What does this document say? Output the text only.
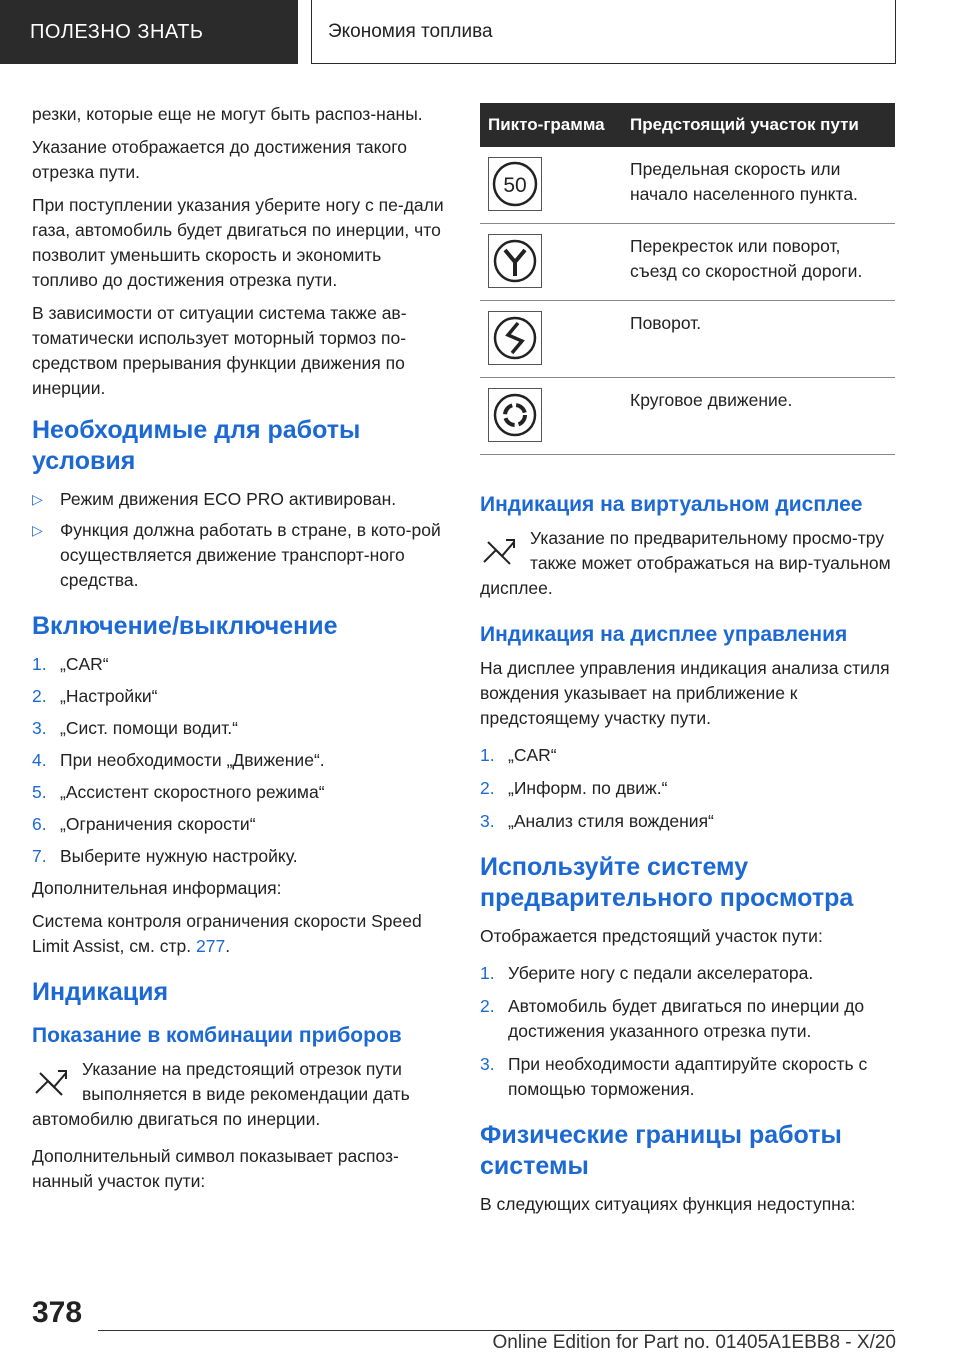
ПОЛЕЗНО ЗНАТЬ	Экономия топлива

резки, которые еще не могут быть распоз-наны.

Указание отображается до достижения такого отрезка пути.

При поступлении указания уберите ногу с пе-дали газа, автомобиль будет двигаться по инерции, что позволит уменьшить скорость и экономить топливо до достижения отрезка пути.

В зависимости от ситуации система также ав-томатически использует моторный тормоз по-средством прерывания функции движения по инерции.

Необходимые для работы условия
▷ Режим движения ECO PRO активирован.
▷ Функция должна работать в стране, в кото-рой осуществляется движение транспорт-ного средства.
Включение/выключение
1. „CAR“
2. „Настройки“
3. „Сист. помощи водит.“
4. При необходимости „Движение“.
5. „Ассистент скоростного режима“
6. „Ограничения скорости“
7. Выберите нужную настройку.

Дополнительная информация:

Система контроля ограничения скорости Speed Limit Assist, см. стр. 277.

Индикация
Показание в комбинации приборов
Указание на предстоящий отрезок пути выполняется в виде рекомендации дать автомобилю двигаться по инерции.

Дополнительный символ показывает распоз-нанный участок пути:

Пикто-грамма	Предстоящий участок пути

50	Предельная скорость или начало населенного пункта.

	Перекресток или поворот, съезд со скоростной дороги.

	Поворот.

	Круговое движение.
Индикация на виртуальном дисплее
Указание по предварительному просмо-тру также может отображаться на вир-туальном дисплее.
Индикация на дисплее управления

На дисплее управления индикация анализа стиля вождения указывает на приближение к предстоящему участку пути.

1. „CAR“
2. „Информ. по движ.“
3. „Анализ стиля вождения“
Используйте систему предварительного просмотра

Отображается предстоящий участок пути:

1. Уберите ногу с педали акселератора.
2. Автомобиль будет двигаться по инерции до достижения указанного отрезка пути.
3. При необходимости адаптируйте скорость с помощью торможения.
Физические границы работы системы

В следующих ситуациях функция недоступна:

378
Online Edition for Part no. 01405A1EBB8 - X/20
